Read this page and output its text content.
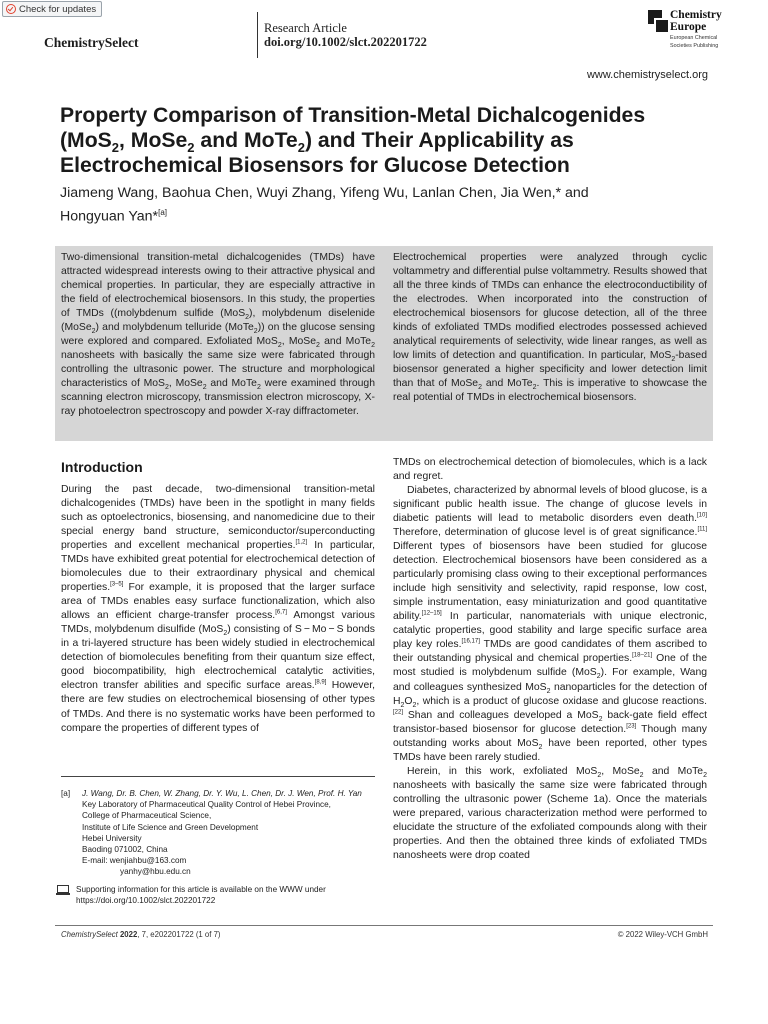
Check for updates
ChemistrySelect
Research Article
doi.org/10.1002/slct.202201722
Chemistry
Europe
European Chemical
Societies Publishing
www.chemistryselect.org
Property Comparison of Transition-Metal Dichalcogenides
(MoS$_2$, MoSe$_2$ and MoTe$_2$) and Their Applicability as
Electrochemical Biosensors for Glucose Detection
Jiameng Wang, Baohua Chen, Wuyi Zhang, Yifeng Wu, Lanlan Chen, Jia Wen,* and
Hongyuan Yan*[a]

Two-dimensional transition-metal dichalcogenides (TMDs) have attracted widespread interests owing to their attractive physical and chemical properties. In particular, they are especially attractive in the field of electrochemical biosensors. In this study, the properties of TMDs ((molybdenum sulfide (MoS$_2$), molybdenum diselenide (MoSe$_2$) and molybdenum telluride (MoTe$_2$)) on the glucose sensing were explored and compared. Exfoliated MoS$_2$, MoSe$_2$ and MoTe$_2$ nanosheets with basically the same size were fabricated through controlling the ultrasonic power. The structure and morphological characteristics of MoS$_2$, MoSe$_2$ and MoTe$_2$ were examined through scanning electron microscopy, transmission electron microscopy, X-ray photoelectron spectroscopy and powder X-ray diffractometer.

Electrochemical properties were analyzed through cyclic voltammetry and differential pulse voltammetry. Results showed that all the three kinds of TMDs can enhance the electroconductibility of the electrodes. When incorporated into the construction of electrochemical biosensors for glucose detection, all of the three kinds of exfoliated TMDs modified electrodes possessed achieved analytical requirements of selectivity, wide linear ranges, as well as low limits of detection and quantification. In particular, MoS$_2$-based biosensor generated a higher specificity and lower detection limit than that of MoSe$_2$ and MoTe$_2$. This is imperative to showcase the real potential of TMDs in electrochemical biosensors.

Introduction

During the past decade, two-dimensional transition-metal dichalcogenides (TMDs) have been in the spotlight in many fields such as optoelectronics, biosensing, and nanomedicine due to their special energy band structure, semiconductor/superconducting properties and excellent mechanical properties.[1,2] In particular, TMDs have exhibited great potential for electrochemical detection of biomolecules due to their extraordinary physical and chemical properties.[3–5] For example, it is proposed that the larger surface area of TMDs enables easy surface functionalization, which also allows an efficient charge-transfer process.[6,7] Amongst various TMDs, molybdenum disulfide (MoS$_2$) consisting of S − Mo − S bonds in a tri-layered structure has been widely studied in electrochemical detection of biomolecules benefiting from their quantum size effect, good biocompatibility, high electrochemical catalytic activities, electron transfer abilities and specific surface areas.[8,9] However, there are few studies on electrochemical biosensing of other types of TMDs. And there is no systematic works have been performed to compare the properties of different types of

TMDs on electrochemical detection of biomolecules, which is a lack and regret.

Diabetes, characterized by abnormal levels of blood glucose, is a significant public health issue. The change of glucose levels in diabetic patients will lead to metabolic disorders even death.[10] Therefore, determination of glucose level is of great significance.[11] Different types of biosensors have been studied for glucose detection. Electrochemical biosensors have been considered as a particularly promising class owing to their exceptional performances include high sensitivity and selectivity, rapid response, low cost, simple instrumentation, easy miniaturization and good quantitative ability.[12–15] In particular, nanomaterials with unique electronic, catalytic properties, good stability and large specific surface area play key roles.[16,17] TMDs are good candidates of them ascribed to their outstanding physical and chemical properties.[18–21] One of the most studied is molybdenum sulfide (MoS$_2$). For example, Wang and colleagues synthesized MoS$_2$ nanoparticles for the detection of $H_2O_2$, which is a product of glucose oxidase and glucose reactions.[22] Shan and colleagues developed a MoS$_2$ back-gate field effect transistor-based biosensor for glucose detection.[23] Though many outstanding works about MoS$_2$ have been reported, other types TMDs have been rarely studied.

Herein, in this work, exfoliated MoS$_2$, MoSe$_2$ and MoTe$_2$ nanosheets with basically the same size were fabricated through controlling the ultrasonic power (Scheme 1a). Once the materials were prepared, various characterization method were performed to elucidate the structure of the exfoliated compounds along with their properties. And then the obtained three kinds of exfoliated TMDs nanosheets were drop coated

[a] J. Wang, Dr. B. Chen, W. Zhang, Dr. Y. Wu, L. Chen, Dr. J. Wen, Prof. H. Yan
Key Laboratory of Pharmaceutical Quality Control of Hebei Province,
College of Pharmaceutical Science,
Institute of Life Science and Green Development
Hebei University
Baoding 071002, China
E-mail: wenjiahbu@163.com
yanhy@hbu.edu.cn
Supporting information for this article is available on the WWW under https://doi.org/10.1002/slct.202201722
ChemistrySelect 2022, 7, e202201722 (1 of 7)	© 2022 Wiley-VCH GmbH
